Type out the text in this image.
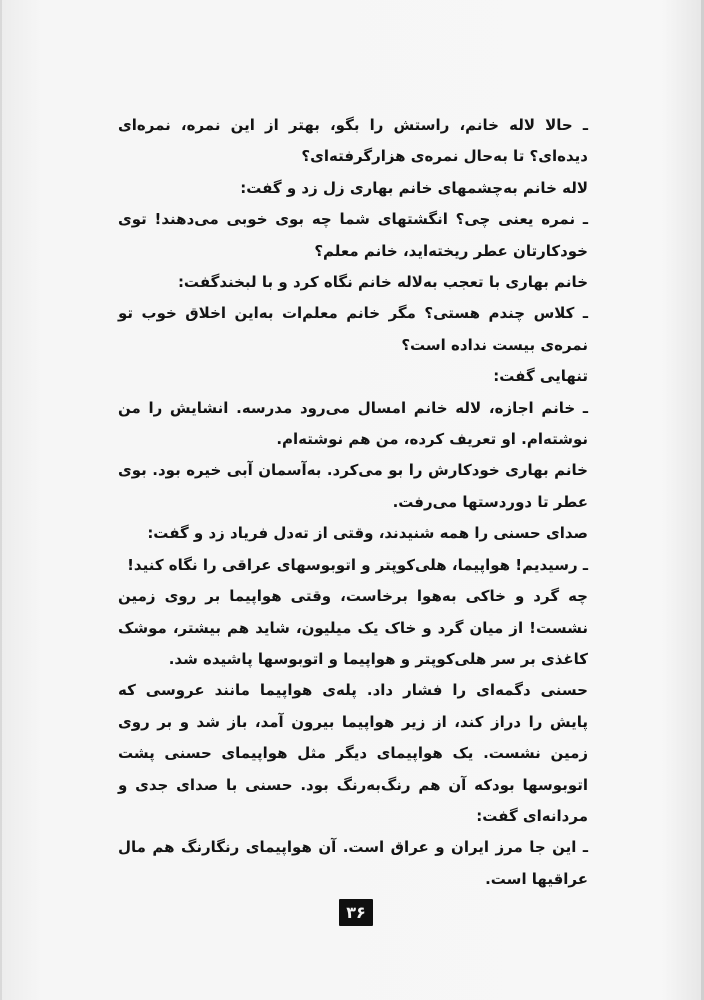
ـ حالا لاله خانم، راستش را بگو، بهتر از این نمره، نمره‌ای دیده‌ای؟ تا به‌حال نمره‌ی هزارگرفته‌ای؟

لاله خانم به‌چشمهای خانم بهاری زل زد و گفت:

ـ نمره یعنی چی؟ انگشتهای شما چه بوی خوبی می‌دهند! توی خودکارتان عطر ریخته‌اید، خانم معلم؟

خانم بهاری با تعجب به‌لاله خانم نگاه کرد و با لبخندگفت:

ـ کلاس چندم هستی؟ مگر خانم معلم‌ات به‌این اخلاق خوب تو نمره‌ی بیست نداده است؟

تنهایی گفت:

ـ خانم اجازه، لاله خانم امسال می‌رود مدرسه. انشایش را من نوشته‌ام. او تعریف کرده، من هم نوشته‌ام.

خانم بهاری خودکارش را بو می‌کرد. به‌آسمان آبی خیره بود. بوی عطر تا دوردستها می‌رفت.

صدای حسنی را همه شنیدند، وقتی از ته‌دل فریاد زد و گفت:

ـ رسیدیم! هواپیما، هلی‌کوپتر و اتوبوسهای عراقی را نگاه کنید!

چه گرد و خاکی به‌هوا برخاست، وقتی هواپیما بر روی زمین نشست! از میان گرد و خاک یک میلیون، شاید هم بیشتر، موشک کاغذی بر سر هلی‌کوپتر و هواپیما و اتوبوسها پاشیده شد.

حسنی دگمه‌ای را فشار داد. پله‌ی هواپیما مانند عروسی که پایش را دراز کند، از زیر هواپیما بیرون آمد، باز شد و بر روی زمین نشست. یک هواپیمای دیگر مثل هواپیمای حسنی پشت اتوبوسها بودکه آن هم رنگ‌به‌رنگ بود. حسنی با صدای جدی و مردانه‌ای گفت:

ـ این جا مرز ایران و عراق است. آن هواپیمای رنگارنگ هم مال عراقیها است.

۳۶
